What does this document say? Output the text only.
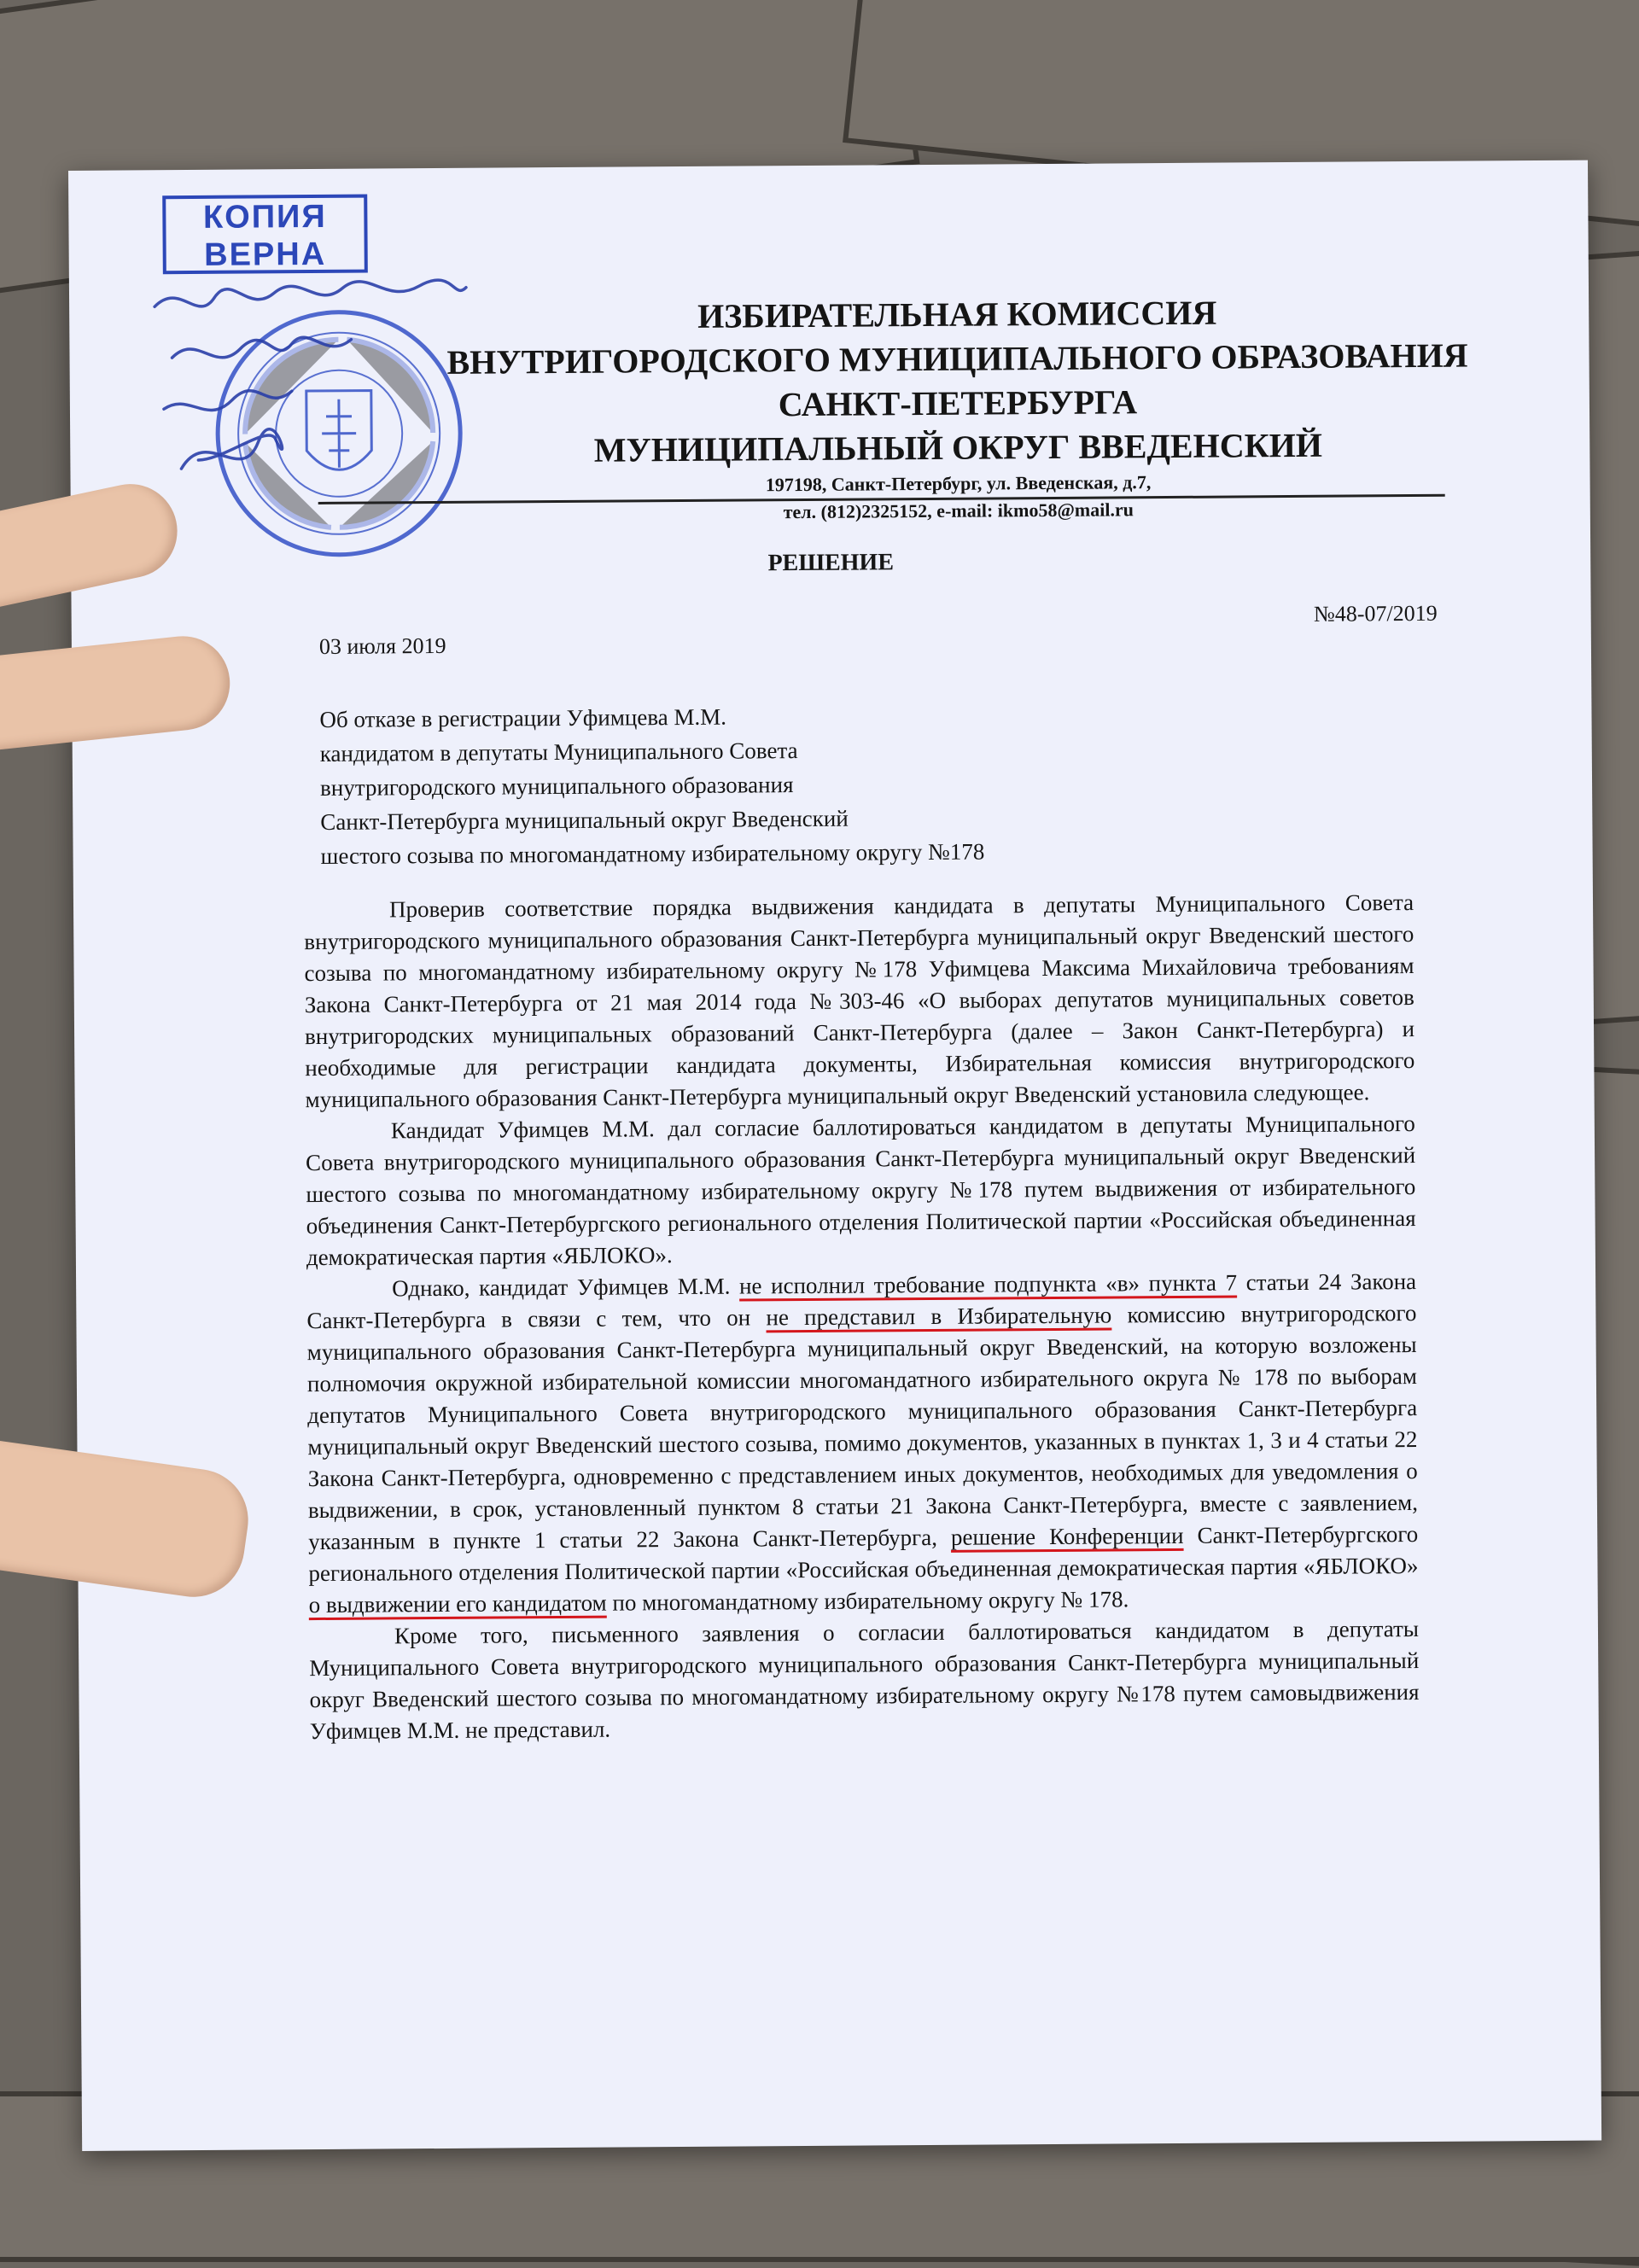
КОПИЯ
ВЕРНА
ИЗБИРАТЕЛЬНАЯ КОМИССИЯ
ВНУТРИГОРОДСКОГО МУНИЦИПАЛЬНОГО ОБРАЗОВАНИЯ
САНКТ-ПЕТЕРБУРГА
МУНИЦИПАЛЬНЫЙ ОКРУГ ВВЕДЕНСКИЙ
197198, Санкт-Петербург, ул. Введенская, д.7,
тел. (812)2325152, e-mail: ikmo58@mail.ru
РЕШЕНИЕ
03 июля 2019
№48-07/2019
Об отказе в регистрации Уфимцева М.М.
кандидатом в депутаты Муниципального Совета
внутригородского муниципального образования
Санкт-Петербурга муниципальный округ Введенский
шестого созыва по многомандатному избирательному округу №178

Проверив соответствие порядка выдвижения кандидата в депутаты Муниципального Совета внутригородского муниципального образования Санкт-Петербурга муниципальный округ Введенский шестого созыва по многомандатному избирательному округу №178 Уфимцева Максима Михайловича требованиям Закона Санкт-Петербурга от 21 мая 2014 года №303-46 «О выборах депутатов муниципальных советов внутригородских муниципальных образований Санкт-Петербурга (далее – Закон Санкт-Петербурга) и необходимые для регистрации кандидата документы, Избирательная комиссия внутригородского муниципального образования Санкт-Петербурга муниципальный округ Введенский установила следующее.

Кандидат Уфимцев М.М. дал согласие баллотироваться кандидатом в депутаты Муниципального Совета внутригородского муниципального образования Санкт-Петербурга муниципальный округ Введенский шестого созыва по многомандатному избирательному округу №178 путем выдвижения от избирательного объединения Санкт-Петербургского регионального отделения Политической партии «Российская объединенная демократическая партия «ЯБЛОКО».

Однако, кандидат Уфимцев М.М. не исполнил требование подпункта «в» пункта 7 статьи 24 Закона Санкт-Петербурга в связи с тем, что он не представил в Избирательную комиссию внутригородского муниципального образования Санкт-Петербурга муниципальный округ Введенский, на которую возложены полномочия окружной избирательной комиссии многомандатного избирательного округа № 178 по выборам депутатов Муниципального Совета внутригородского муниципального образования Санкт-Петербурга муниципальный округ Введенский шестого созыва, помимо документов, указанных в пунктах 1, 3 и 4 статьи 22 Закона Санкт-Петербурга, одновременно с представлением иных документов, необходимых для уведомления о выдвижении, в срок, установленный пунктом 8 статьи 21 Закона Санкт-Петербурга, вместе с заявлением, указанным в пункте 1 статьи 22 Закона Санкт-Петербурга, решение Конференции Санкт-Петербургского регионального отделения Политической партии «Российская объединенная демократическая партия «ЯБЛОКО» о выдвижении его кандидатом по многомандатному избирательному округу № 178.

Кроме того, письменного заявления о согласии баллотироваться кандидатом в депутаты Муниципального Совета внутригородского муниципального образования Санкт-Петербурга муниципальный округ Введенский шестого созыва по многомандатному избирательному округу №178 путем самовыдвижения Уфимцев М.М. не представил.
